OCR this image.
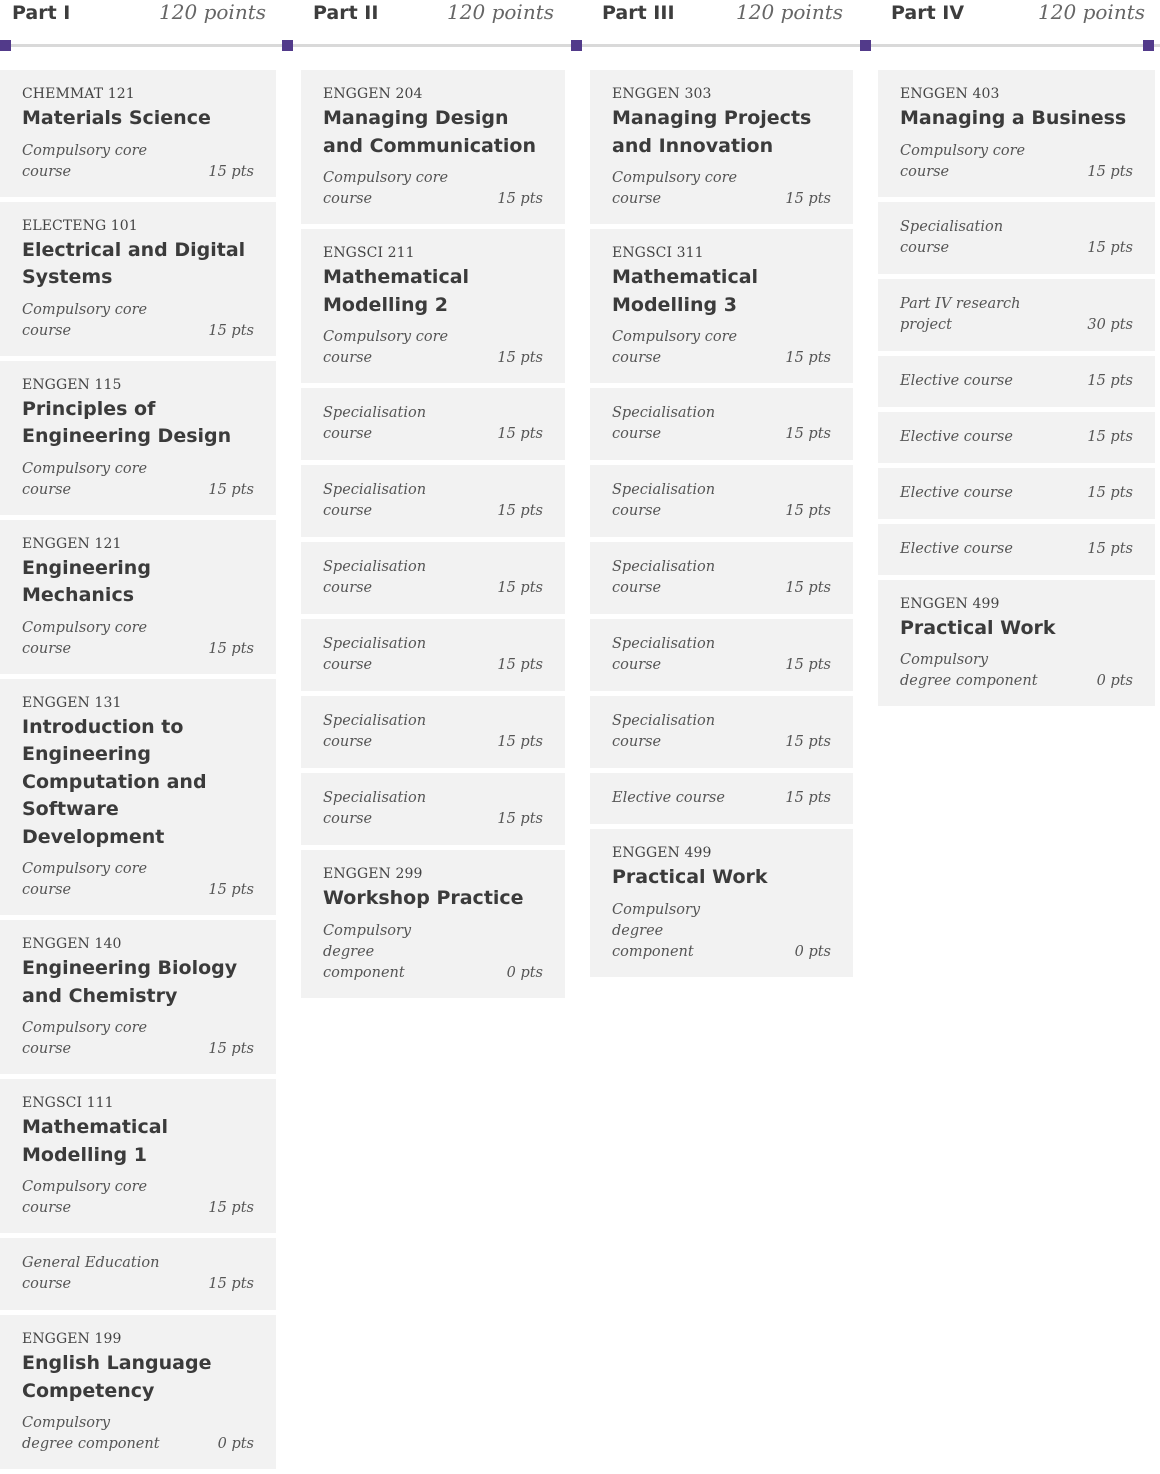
Part I	120 points
CHEMMAT 121
Materials Science
Compulsory core course	15 pts
ELECTENG 101
Electrical and Digital Systems
Compulsory core course	15 pts
ENGGEN 115
Principles of Engineering Design
Compulsory core course	15 pts
ENGGEN 121
Engineering Mechanics
Compulsory core course	15 pts
ENGGEN 131
Introduction to Engineering Computation and Software Development
Compulsory core course	15 pts
ENGGEN 140
Engineering Biology and Chemistry
Compulsory core course	15 pts
ENGSCI 111
Mathematical Modelling 1
Compulsory core course	15 pts
General Education course	15 pts
ENGGEN 199
English Language Competency
Compulsory degree component	0 pts
Part II	120 points
ENGGEN 204
Managing Design and Communication
Compulsory core course	15 pts
ENGSCI 211
Mathematical Modelling 2
Compulsory core course	15 pts
Specialisation course	15 pts
Specialisation course	15 pts
Specialisation course	15 pts
Specialisation course	15 pts
Specialisation course	15 pts
Specialisation course	15 pts
ENGGEN 299
Workshop Practice
Compulsory degree component	0 pts
Part III	120 points
ENGGEN 303
Managing Projects and Innovation
Compulsory core course	15 pts
ENGSCI 311
Mathematical Modelling 3
Compulsory core course	15 pts
Specialisation course	15 pts
Specialisation course	15 pts
Specialisation course	15 pts
Specialisation course	15 pts
Specialisation course	15 pts
Elective course	15 pts
ENGGEN 499
Practical Work
Compulsory degree component	0 pts
Part IV	120 points
ENGGEN 403
Managing a Business
Compulsory core course	15 pts
Specialisation course	15 pts
Part IV research project	30 pts
Elective course	15 pts
Elective course	15 pts
Elective course	15 pts
Elective course	15 pts
ENGGEN 499
Practical Work
Compulsory degree component	0 pts
